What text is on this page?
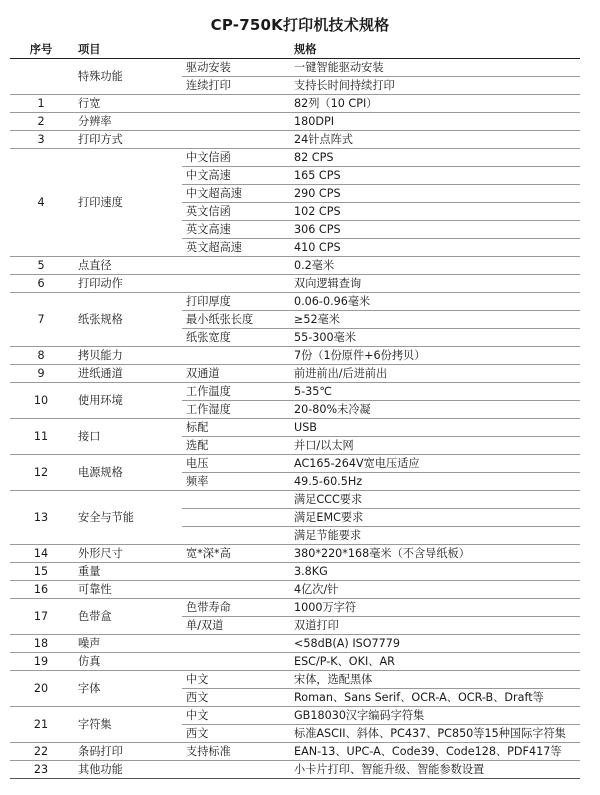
CP-750K打印机技术规格
序号	项目		规格
	特殊功能	驱动安装	一键智能驱动安装
		连续打印	支持长时间持续打印
1	行宽		82列（10 CPI）
2	分辨率		180DPI
3	打印方式		24针点阵式
4	打印速度	中文信函	82 CPS
		中文高速	165 CPS
		中文超高速	290 CPS
		英文信函	102 CPS
		英文高速	306 CPS
		英文超高速	410 CPS
5	点直径		0.2毫米
6	打印动作		双向逻辑查询
7	纸张规格	打印厚度	0.06-0.96毫米
		最小纸张长度	≥52毫米
		纸张宽度	55-300毫米
8	拷贝能力		7份（1份原件+6份拷贝）
9	进纸通道	双通道	前进前出/后进前出
10	使用环境	工作温度	5-35℃
		工作湿度	20-80%未冷凝
11	接口	标配	USB
		选配	并口/以太网
12	电源规格	电压	AC165-264V宽电压适应
		频率	49.5-60.5Hz
13	安全与节能		满足CCC要求
			满足EMC要求
			满足节能要求
14	外形尺寸	宽*深*高	380*220*168毫米（不含导纸板）
15	重量		3.8KG
16	可靠性		4亿次/针
17	色带盒	色带寿命	1000万字符
		单/双道	双道打印
18	噪声		<58dB(A) ISO7779
19	仿真		ESC/P-K、OKI、AR
20	字体	中文	宋体，选配黑体
		西文	Roman、Sans Serif、OCR-A、OCR-B、Draft等
21	字符集	中文	GB18030汉字编码字符集
		西文	标准ASCII、斜体、PC437、PC850等15种国际字符集
22	条码打印	支持标准	EAN-13、UPC-A、Code39、Code128、PDF417等
23	其他功能		小卡片打印、智能升级、智能参数设置
